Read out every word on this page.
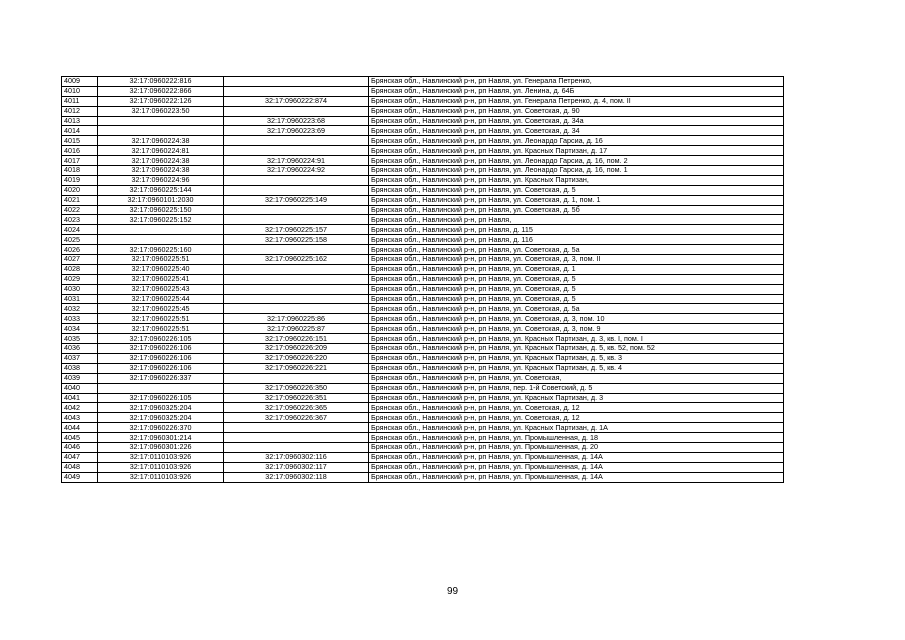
4009	32:17:0960222:816		Брянская обл., Навлинский р-н, рп Навля, ул. Генерала Петренко,
4010	32:17:0960222:866		Брянская обл., Навлинский р-н, рп Навля, ул. Ленина, д. 64Б
4011	32:17:0960222:126	32:17:0960222:874	Брянская обл., Навлинский р-н, рп Навля, ул. Генерала Петренко, д. 4, пом. II
4012	32:17:0960223:50		Брянская обл., Навлинский р-н, рп Навля, ул. Советская, д. 90
4013		32:17:0960223:68	Брянская обл., Навлинский р-н, рп Навля, ул. Советская, д. 34а
4014		32:17:0960223:69	Брянская обл., Навлинский р-н, рп Навля, ул. Советская, д. 34
4015	32:17:0960224:38		Брянская обл., Навлинский р-н, рп Навля, ул. Леонардо Гарсиа, д. 16
4016	32:17:0960224:81		Брянская обл., Навлинский р-н, рп Навля, ул. Красных Партизан, д. 17
4017	32:17:0960224:38	32:17:0960224:91	Брянская обл., Навлинский р-н, рп Навля, ул. Леонардо Гарсиа, д. 16, пом. 2
4018	32:17:0960224:38	32:17:0960224:92	Брянская обл., Навлинский р-н, рп Навля, ул. Леонардо Гарсиа, д. 16, пом. 1
4019	32:17:0960224:96		Брянская обл., Навлинский р-н, рп Навля, ул. Красных Партизан,
4020	32:17:0960225:144		Брянская обл., Навлинский р-н, рп Навля, ул. Советская, д. 5
4021	32:17:0960101:2030	32:17:0960225:149	Брянская обл., Навлинский р-н, рп Навля, ул. Советская, д. 1, пом. 1
4022	32:17:0960225:150		Брянская обл., Навлинский р-н, рп Навля, ул. Советская, д. 5б
4023	32:17:0960225:152		Брянская обл., Навлинский р-н, рп Навля,
4024		32:17:0960225:157	Брянская обл., Навлинский р-н, рп Навля, д. 115
4025		32:17:0960225:158	Брянская обл., Навлинский р-н, рп Навля, д. 116
4026	32:17:0960225:160		Брянская обл., Навлинский р-н, рп Навля, ул. Советская, д. 5а
4027	32:17:0960225:51	32:17:0960225:162	Брянская обл., Навлинский р-н, рп Навля, ул. Советская, д. 3, пом. II
4028	32:17:0960225:40		Брянская обл., Навлинский р-н, рп Навля, ул. Советская, д. 1
4029	32:17:0960225:41		Брянская обл., Навлинский р-н, рп Навля, ул. Советская, д. 5
4030	32:17:0960225:43		Брянская обл., Навлинский р-н, рп Навля, ул. Советская, д. 5
4031	32:17:0960225:44		Брянская обл., Навлинский р-н, рп Навля, ул. Советская, д. 5
4032	32:17:0960225:45		Брянская обл., Навлинский р-н, рп Навля, ул. Советская, д. 5а
4033	32:17:0960225:51	32:17:0960225:86	Брянская обл., Навлинский р-н, рп Навля, ул. Советская, д. 3, пом. 10
4034	32:17:0960225:51	32:17:0960225:87	Брянская обл., Навлинский р-н, рп Навля, ул. Советская, д. 3, пом. 9
4035	32:17:0960226:105	32:17:0960226:151	Брянская обл., Навлинский р-н, рп Навля, ул. Красных Партизан, д. 3, кв. I, пом. I
4036	32:17:0960226:106	32:17:0960226:209	Брянская обл., Навлинский р-н, рп Навля, ул. Красных Партизан, д. 5, кв. 52, пом. 52
4037	32:17:0960226:106	32:17:0960226:220	Брянская обл., Навлинский р-н, рп Навля, ул. Красных Партизан, д. 5, кв. 3
4038	32:17:0960226:106	32:17:0960226:221	Брянская обл., Навлинский р-н, рп Навля, ул. Красных Партизан, д. 5, кв. 4
4039	32:17:0960226:337		Брянская обл., Навлинский р-н, рп Навля, ул. Советская,
4040		32:17:0960226:350	Брянская обл., Навлинский р-н, рп Навля, пер. 1-й Советский, д. 5
4041	32:17:0960226:105	32:17:0960226:351	Брянская обл., Навлинский р-н, рп Навля, ул. Красных Партизан, д. 3
4042	32:17:0960325:204	32:17:0960226:365	Брянская обл., Навлинский р-н, рп Навля, ул. Советская, д. 12
4043	32:17:0960325:204	32:17:0960226:367	Брянская обл., Навлинский р-н, рп Навля, ул. Советская, д. 12
4044	32:17:0960226:370		Брянская обл., Навлинский р-н, рп Навля, ул. Красных Партизан, д. 1А
4045	32:17:0960301:214		Брянская обл., Навлинский р-н, рп Навля, ул. Промышленная, д. 18
4046	32:17:0960301:226		Брянская обл., Навлинский р-н, рп Навля, ул. Промышленная, д. 20
4047	32:17:0110103:926	32:17:0960302:116	Брянская обл., Навлинский р-н, рп Навля, ул. Промышленная, д. 14А
4048	32:17:0110103:926	32:17:0960302:117	Брянская обл., Навлинский р-н, рп Навля, ул. Промышленная, д. 14А
4049	32:17:0110103:926	32:17:0960302:118	Брянская обл., Навлинский р-н, рп Навля, ул. Промышленная, д. 14А
99
